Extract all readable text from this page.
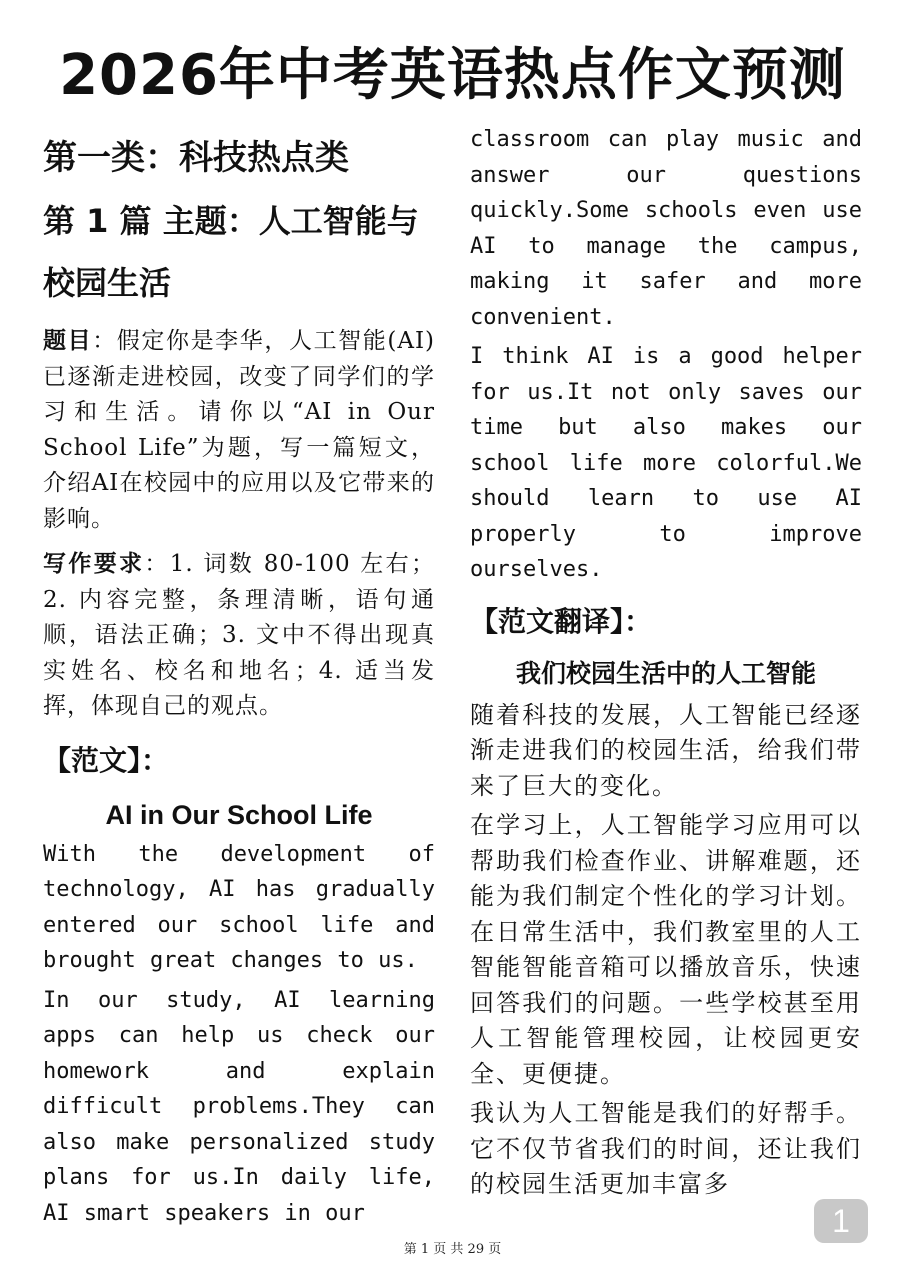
2026年中考英语热点作文预测
第一类：科技热点类
第 1 篇 主题：人工智能与
校园生活

题目：假定你是李华，人工智能(AI)已逐渐走进校园，改变了同学们的学习和生活。请你以“AI in Our School Life”为题，写一篇短文，介绍AI在校园中的应用以及它带来的影响。

写作要求：1. 词数 80-100 左右；2. 内容完整，条理清晰，语句通顺，语法正确；3. 文中不得出现真实姓名、校名和地名；4. 适当发挥，体现自己的观点。

【范文】：
AI in Our School Life

With the development of technology, AI has gradually entered our school life and brought great changes to us.

In our study, AI learning apps can help us check our homework and explain difficult problems.They can also make personalized study plans for us.In daily life, AI smart speakers in our

classroom can play music and answer our questions quickly.Some schools even use AI to manage the campus, making it safer and more convenient.

I think AI is a good helper for us.It not only saves our time but also makes our school life more colorful.We should learn to use AI properly to improve ourselves.

【范文翻译】：
我们校园生活中的人工智能

随着科技的发展，人工智能已经逐渐走进我们的校园生活，给我们带来了巨大的变化。

在学习上，人工智能学习应用可以帮助我们检查作业、讲解难题，还能为我们制定个性化的学习计划。在日常生活中，我们教室里的人工智能智能音箱可以播放音乐，快速回答我们的问题。一些学校甚至用人工智能管理校园，让校园更安全、更便捷。

我认为人工智能是我们的好帮手。它不仅节省我们的时间，还让我们的校园生活更加丰富多

第 1 页 共 29 页
1
